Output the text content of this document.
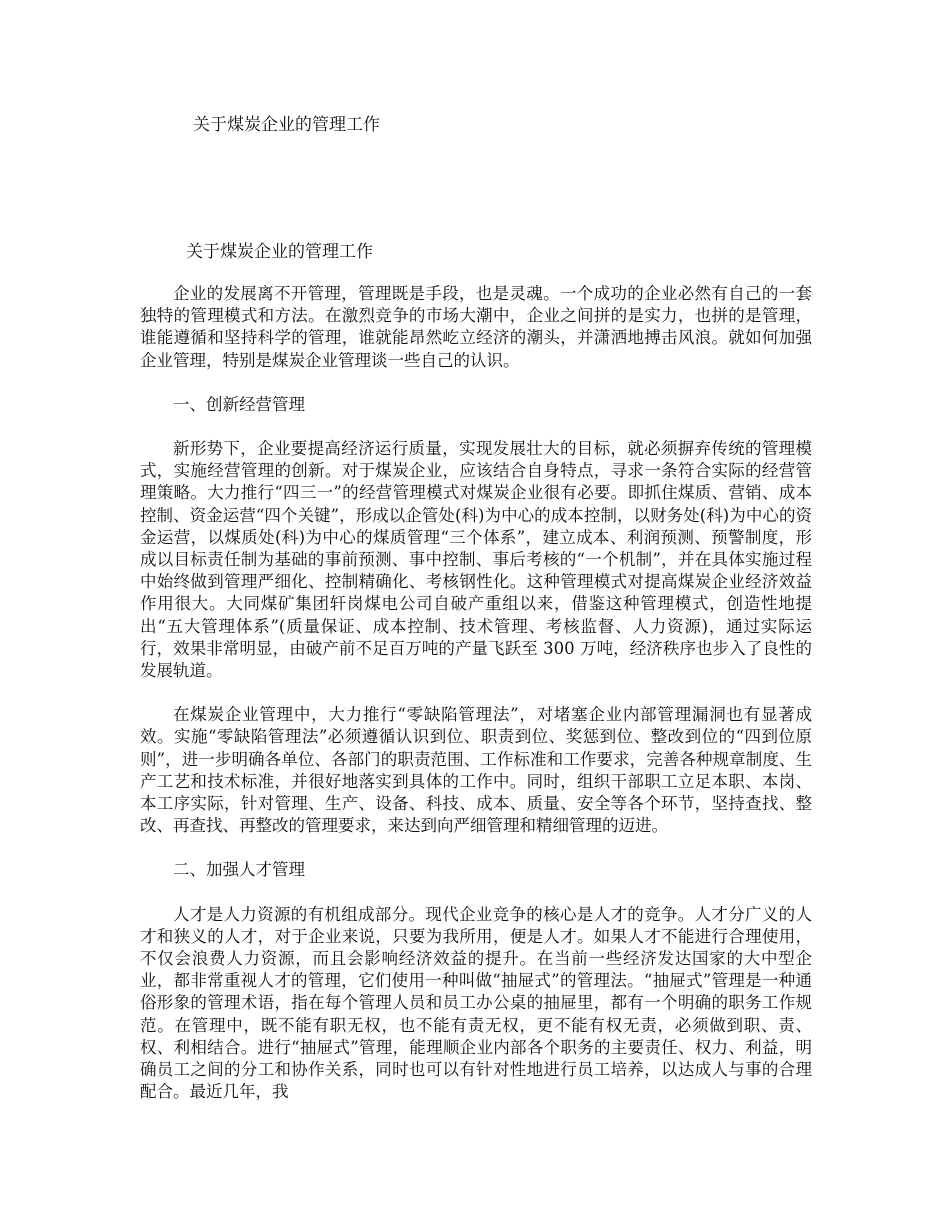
关于煤炭企业的管理工作
关于煤炭企业的管理工作

企业的发展离不开管理，管理既是手段，也是灵魂。一个成功的企业必然有自己的一套独特的管理模式和方法。在激烈竞争的市场大潮中，企业之间拼的是实力，也拼的是管理，谁能遵循和坚持科学的管理，谁就能昂然屹立经济的潮头，并潇洒地搏击风浪。就如何加强企业管理，特别是煤炭企业管理谈一些自己的认识。

一、创新经营管理

新形势下，企业要提高经济运行质量，实现发展壮大的目标，就必须摒弃传统的管理模式，实施经营管理的创新。对于煤炭企业，应该结合自身特点，寻求一条符合实际的经营管理策略。大力推行“四三一”的经营管理模式对煤炭企业很有必要。即抓住煤质、营销、成本控制、资金运营“四个关键”，形成以企管处(科)为中心的成本控制，以财务处(科)为中心的资金运营，以煤质处(科)为中心的煤质管理“三个体系”，建立成本、利润预测、预警制度，形成以目标责任制为基础的事前预测、事中控制、事后考核的“一个机制”，并在具体实施过程中始终做到管理严细化、控制精确化、考核钢性化。这种管理模式对提高煤炭企业经济效益作用很大。大同煤矿集团轩岗煤电公司自破产重组以来，借鉴这种管理模式，创造性地提出“五大管理体系”(质量保证、成本控制、技术管理、考核监督、人力资源)，通过实际运行，效果非常明显，由破产前不足百万吨的产量飞跃至 300 万吨，经济秩序也步入了良性的发展轨道。

在煤炭企业管理中，大力推行“零缺陷管理法”，对堵塞企业内部管理漏洞也有显著成效。实施“零缺陷管理法”必须遵循认识到位、职责到位、奖惩到位、整改到位的“四到位原则”，进一步明确各单位、各部门的职责范围、工作标准和工作要求，完善各种规章制度、生产工艺和技术标准，并很好地落实到具体的工作中。同时，组织干部职工立足本职、本岗、本工序实际，针对管理、生产、设备、科技、成本、质量、安全等各个环节，坚持查找、整改、再查找、再整改的管理要求，来达到向严细管理和精细管理的迈进。

二、加强人才管理

人才是人力资源的有机组成部分。现代企业竞争的核心是人才的竞争。人才分广义的人才和狭义的人才，对于企业来说，只要为我所用，便是人才。如果人才不能进行合理使用，不仅会浪费人力资源，而且会影响经济效益的提升。在当前一些经济发达国家的大中型企业，都非常重视人才的管理，它们使用一种叫做“抽屉式”的管理法。“抽屉式”管理是一种通俗形象的管理术语，指在每个管理人员和员工办公桌的抽屉里，都有一个明确的职务工作规范。在管理中，既不能有职无权，也不能有责无权，更不能有权无责，必须做到职、责、权、利相结合。进行“抽屉式”管理，能理顺企业内部各个职务的主要责任、权力、利益，明确员工之间的分工和协作关系，同时也可以有针对性地进行员工培养，以达成人与事的合理配合。最近几年，我
